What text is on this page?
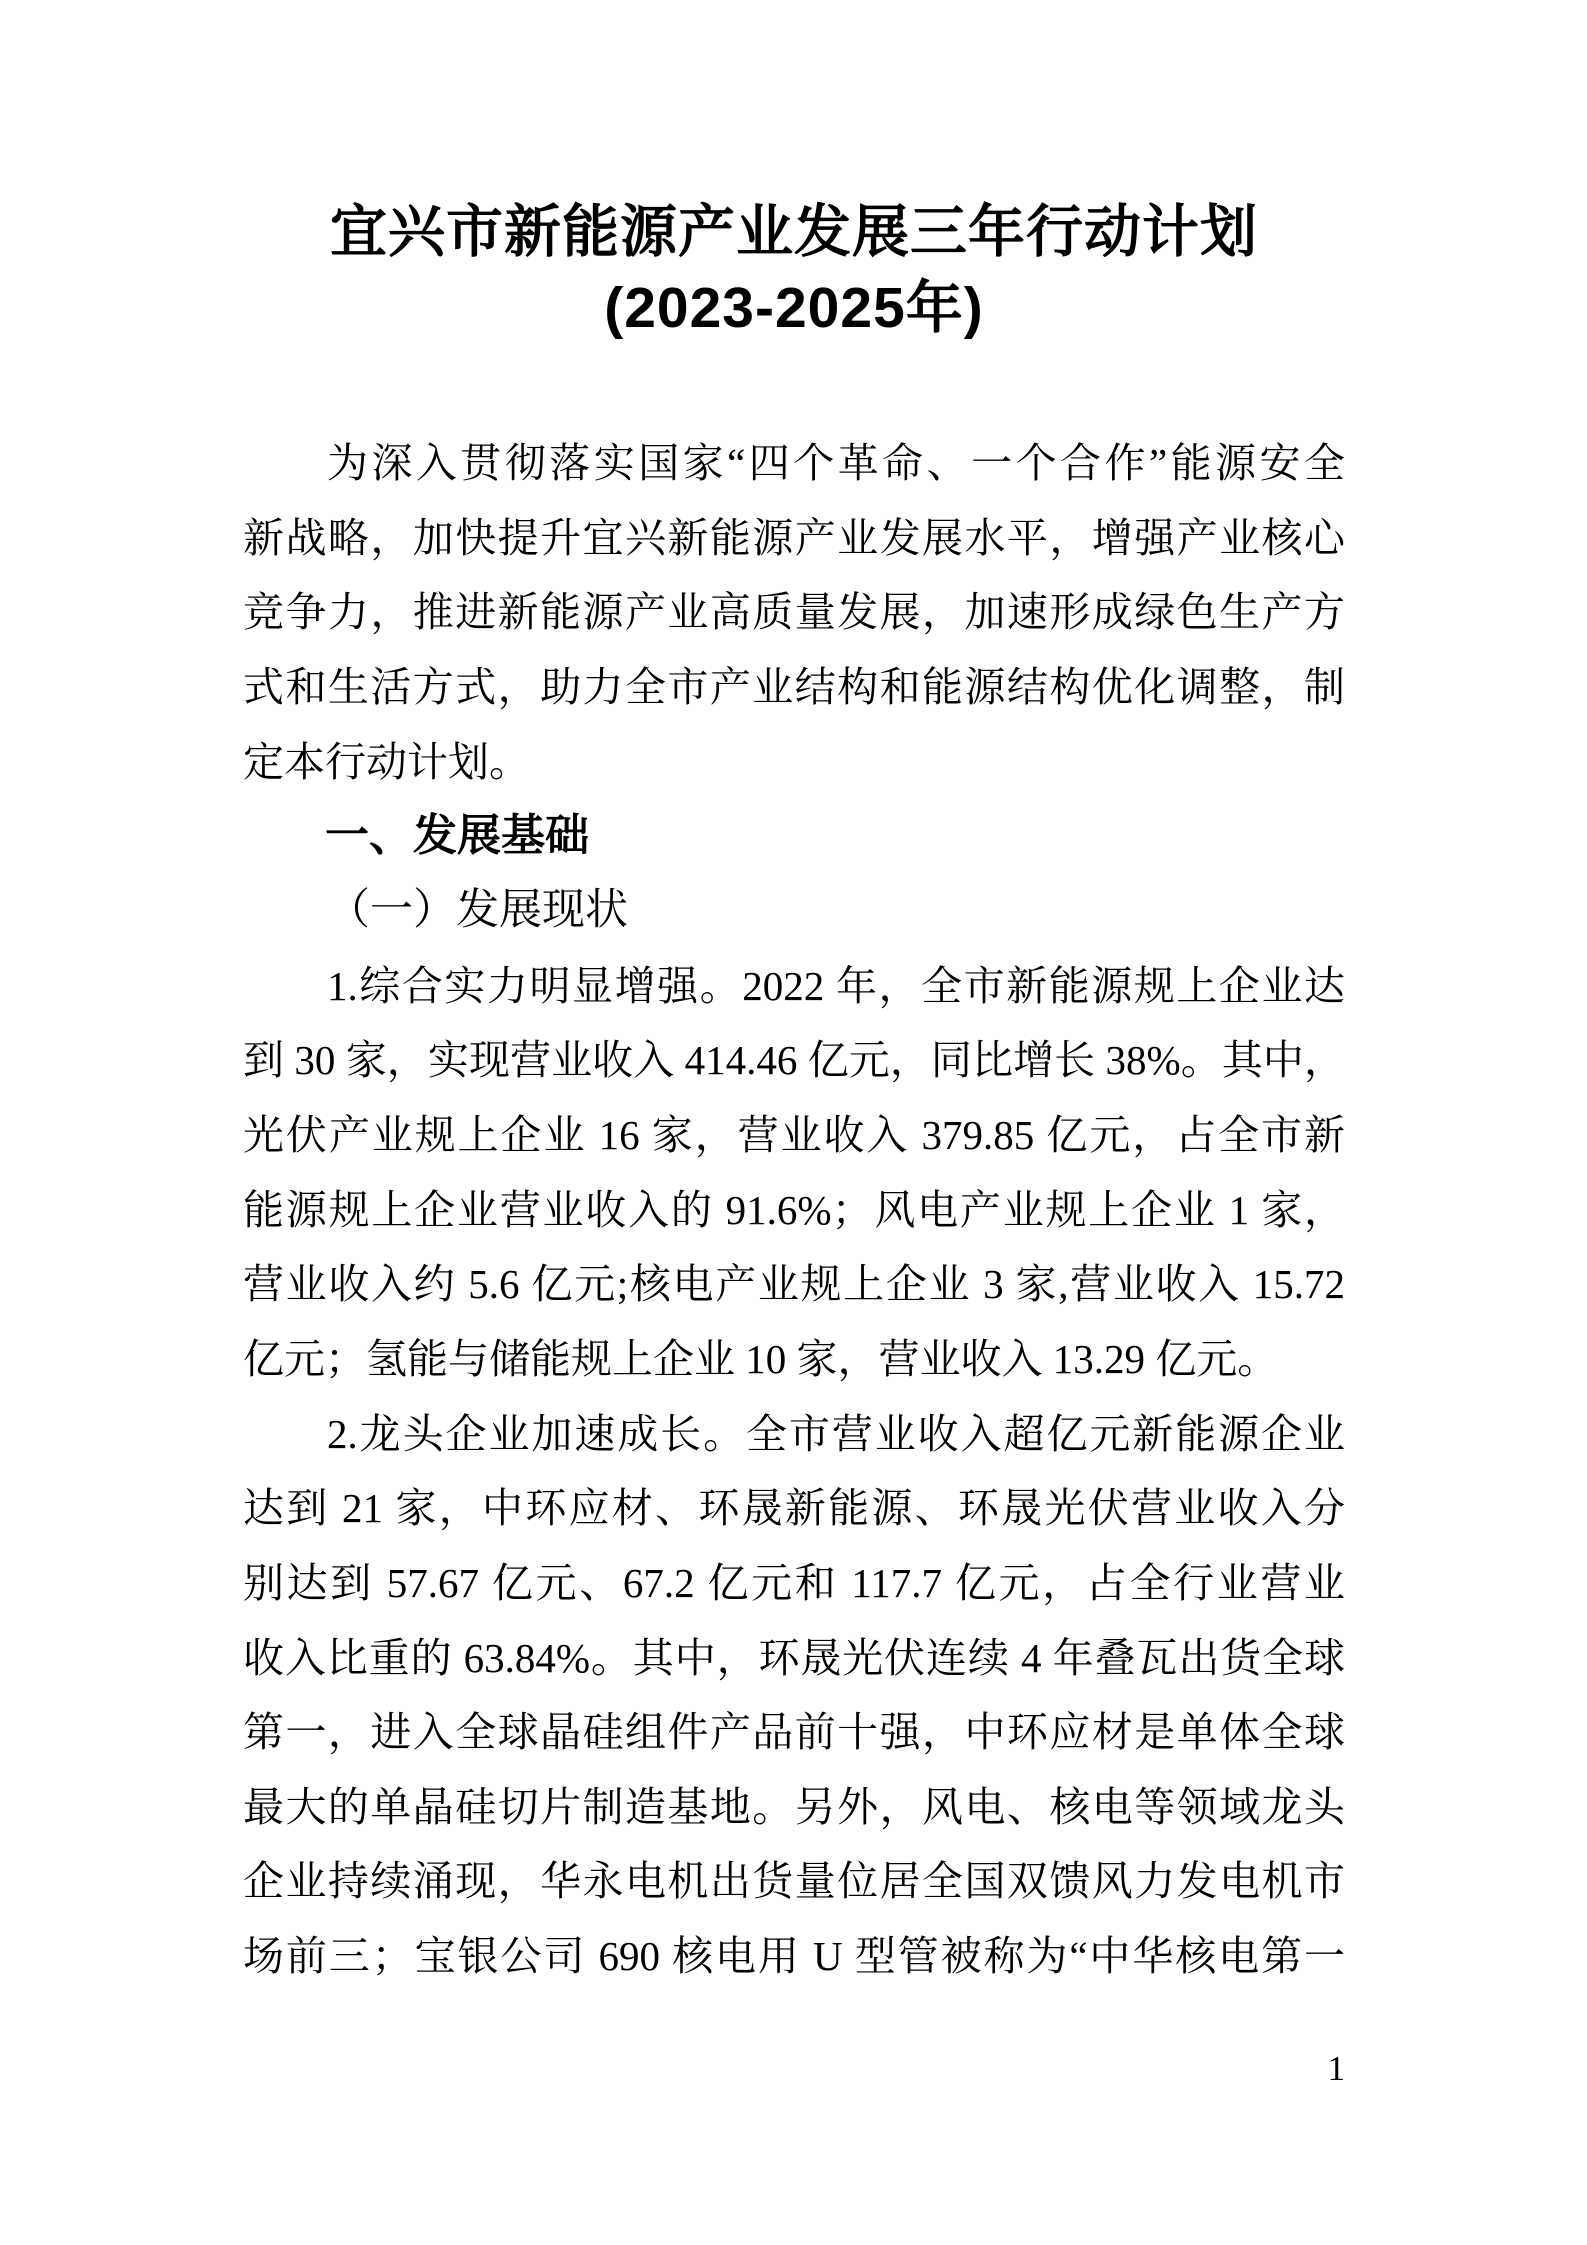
宜兴市新能源产业发展三年行动计划
(2023-2025年)
为深入贯彻落实国家“四个革命、一个合作”能源安全
新战略，加快提升宜兴新能源产业发展水平，增强产业核心
竞争力，推进新能源产业高质量发展，加速形成绿色生产方
式和生活方式，助力全市产业结构和能源结构优化调整，制
定本行动计划。
一、发展基础
（一）发展现状
1.综合实力明显增强。2022 年，全市新能源规上企业达
到 30 家，实现营业收入 414.46 亿元，同比增长 38%。其中，
光伏产业规上企业 16 家，营业收入 379.85 亿元，占全市新
能源规上企业营业收入的 91.6%；风电产业规上企业 1 家，
营业收入约 5.6 亿元;核电产业规上企业 3 家,营业收入 15.72
亿元；氢能与储能规上企业 10 家，营业收入 13.29 亿元。
2.龙头企业加速成长。全市营业收入超亿元新能源企业
达到 21 家，中环应材、环晟新能源、环晟光伏营业收入分
别达到 57.67 亿元、67.2 亿元和 117.7 亿元，占全行业营业
收入比重的 63.84%。其中，环晟光伏连续 4 年叠瓦出货全球
第一，进入全球晶硅组件产品前十强，中环应材是单体全球
最大的单晶硅切片制造基地。另外，风电、核电等领域龙头
企业持续涌现，华永电机出货量位居全国双馈风力发电机市
场前三；宝银公司 690 核电用 U 型管被称为“中华核电第一
1
